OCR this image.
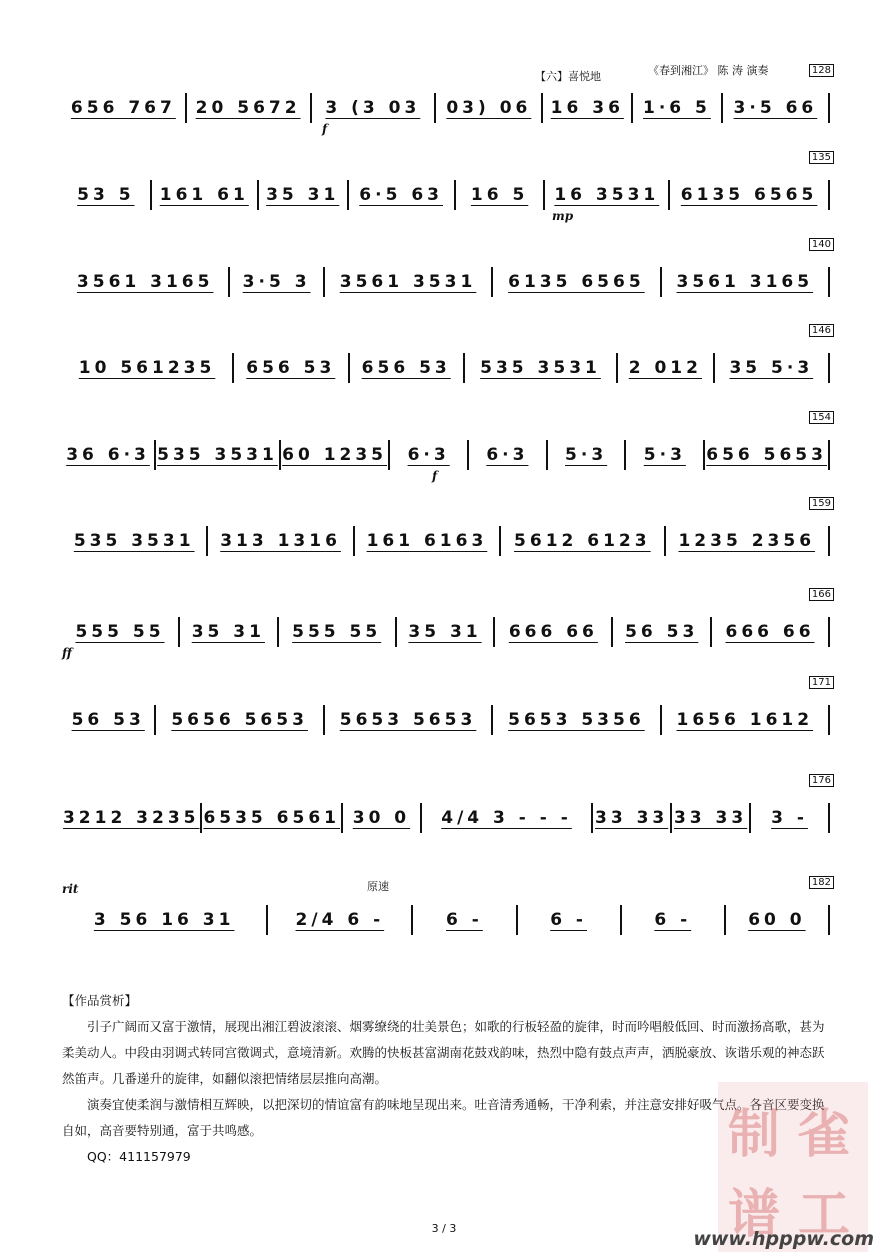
【六】喜悦地	《春到湘江》 陈 涛 演奏
656 767	20 5672	3 (3 03	03) 06	16 36	1·6 5	3·5 66
128
f
53 5	161 61	35 31	6·5 63	16 5	16 3531	6135 6565
135
mp
3561 3165	3·5 3	3561 3531	6135 6565	3561 3165
140
10 561235	656 53	656 53	535 3531	2 012	35 5·3
146
36 6·3 535 3531 60 1235	6·3	6·3	5·3	5·3	656 5653
154
f
535 3531	313 1316	161 6163	5612 6123	1235 2356
159
555 55	35 31	555 55	35 31	666 66	56 53	666 66
166
ff
56 53	5656 5653	5653 5653	5653 5356	1656 1612
171
3212 3235 6535 6561 30 0	4/4 3 - - -	33 33 33 33	3 -
176
3 56 16 31	2/4 6 -	6 -	6 -	6 -	60 0
182
rit	原速

【作品赏析】

引子广阔而又富于激情，展现出湘江碧波滚滚、烟雾缭绕的壮美景色；如歌的行板轻盈的旋律，时而吟唱般低回、时而激扬高歌，甚为柔美动人。中段由羽调式转同宫徵调式，意境清新。欢腾的快板甚富湖南花鼓戏韵味，热烈中隐有鼓点声声，洒脱豪放、诙谐乐观的神态跃然笛声。几番递升的旋律，如翻似滚把情绪层层推向高潮。

演奏宜使柔润与激情相互辉映，以把深切的情谊富有韵味地呈现出来。吐音清秀通畅，干净利索，并注意安排好吸气点。各音区要变换自如，高音要特别通，富于共鸣感。

QQ：411157979	制 雀
谱 工
3 / 3	www.hpppw.com
